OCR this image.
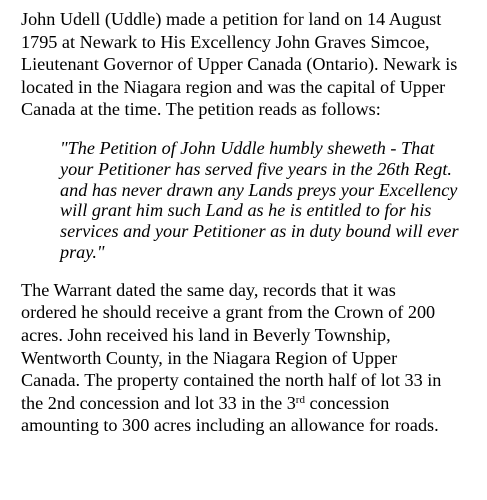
John Udell (Uddle) made a petition for land on 14 August
1795 at Newark to His Excellency John Graves Simcoe,
Lieutenant Governor of Upper Canada (Ontario). Newark is
located in the Niagara region and was the capital of Upper
Canada at the time. The petition reads as follows:

"The Petition of John Uddle humbly sheweth - That
your Petitioner has served five years in the 26th Regt.
and has never drawn any Lands preys your Excellency
will grant him such Land as he is entitled to for his
services and your Petitioner as in duty bound will ever
pray."

The Warrant dated the same day, records that it was
ordered he should receive a grant from the Crown of 200
acres. John received his land in Beverly Township,
Wentworth County, in the Niagara Region of Upper
Canada. The property contained the north half of lot 33 in
the 2nd concession and lot 33 in the 3rd concession
amounting to 300 acres including an allowance for roads.
